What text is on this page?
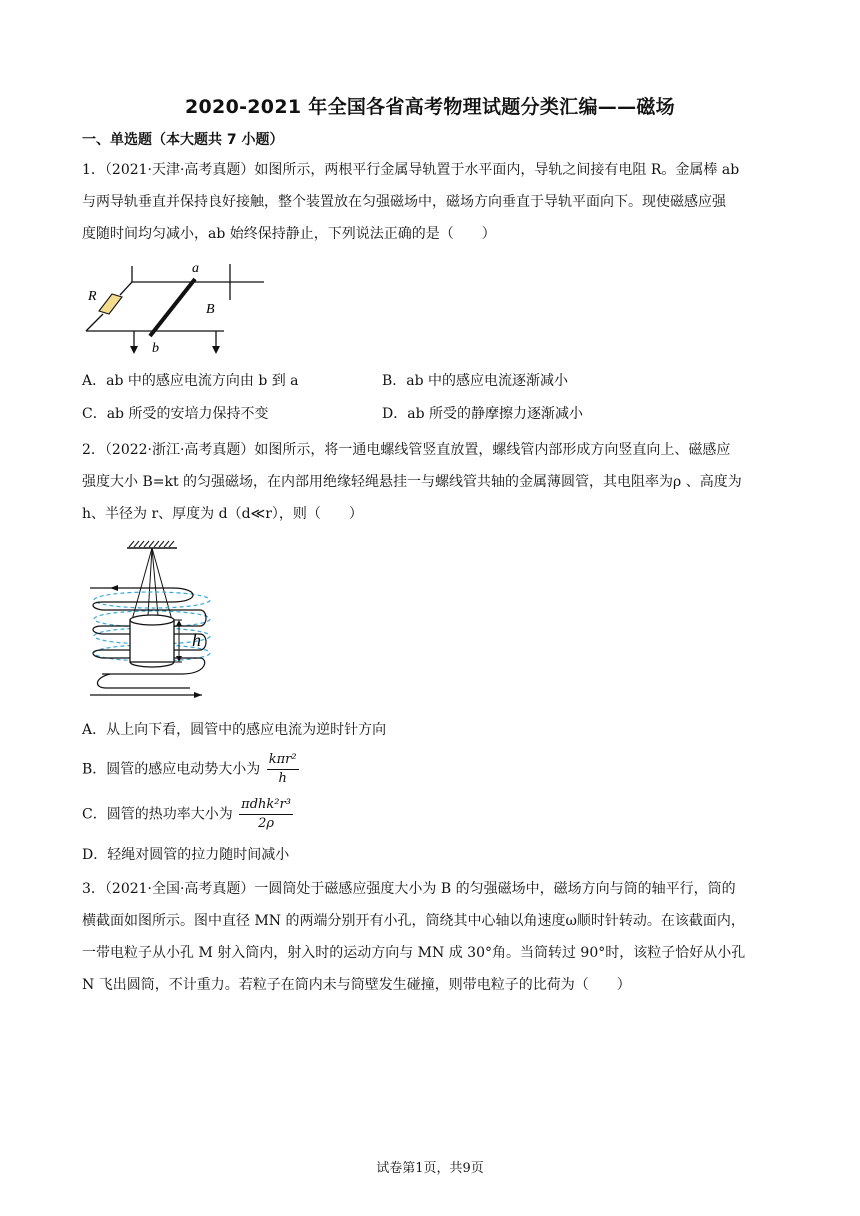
2020-2021 年全国各省高考物理试题分类汇编——磁场
一、单选题（本大题共 7 小题）
1．（2021·天津·高考真题）如图所示，两根平行金属导轨置于水平面内，导轨之间接有电阻 R。金属棒 ab
与两导轨垂直并保持良好接触，整个装置放在匀强磁场中，磁场方向垂直于导轨平面向下。现使磁感应强
度随时间均匀减小，ab 始终保持静止，下列说法正确的是（　　）
R
a
B
b
A．ab 中的感应电流方向由 b 到 a	B．ab 中的感应电流逐渐减小
C．ab 所受的安培力保持不变	D．ab 所受的静摩擦力逐渐减小
2．（2022·浙江·高考真题）如图所示，将一通电螺线管竖直放置，螺线管内部形成方向竖直向上、磁感应
强度大小 B=kt 的匀强磁场，在内部用绝缘轻绳悬挂一与螺线管共轴的金属薄圆管，其电阻率为ρ 、高度为
h、半径为 r、厚度为 d（d≪r），则（　　）
h
A．从上向下看，圆管中的感应电流为逆时针方向
B．圆管的感应电动势大小为 $\frac{\text{kπr²}}{h}$
C．圆管的热功率大小为 $\frac{\text{πdhk²r³}}{2\rho}$
D．轻绳对圆管的拉力随时间减小
3．（2021·全国·高考真题）一圆筒处于磁感应强度大小为 B 的匀强磁场中，磁场方向与筒的轴平行，筒的
横截面如图所示。图中直径 MN 的两端分别开有小孔，筒绕其中心轴以角速度ω顺时针转动。在该截面内，
一带电粒子从小孔 M 射入筒内，射入时的运动方向与 MN 成 30°角。当筒转过 90°时，该粒子恰好从小孔
N 飞出圆筒，不计重力。若粒子在筒内未与筒壁发生碰撞，则带电粒子的比荷为（　　）
试卷第1页，共9页
